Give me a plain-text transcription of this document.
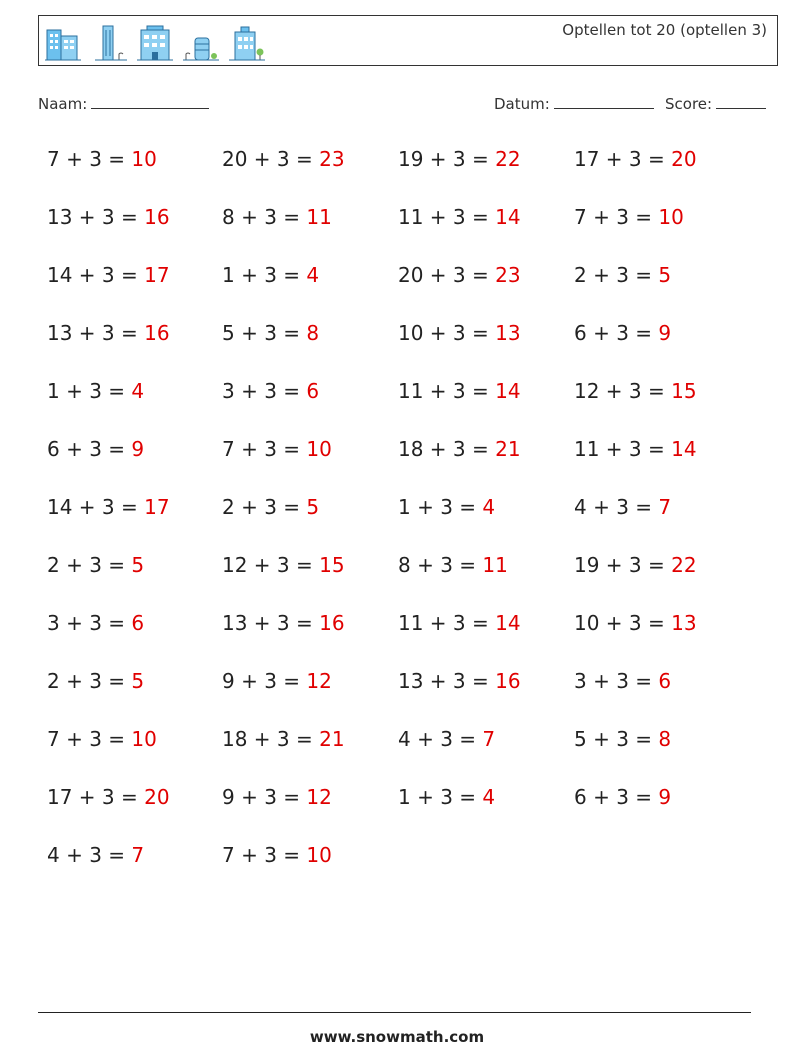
Optellen tot 20 (optellen 3)
Naam:	Datum:	Score:
7 + 3 = 10	20 + 3 = 23	19 + 3 = 22	17 + 3 = 20
13 + 3 = 16	8 + 3 = 11	11 + 3 = 14	7 + 3 = 10
14 + 3 = 17	1 + 3 = 4	20 + 3 = 23	2 + 3 = 5
13 + 3 = 16	5 + 3 = 8	10 + 3 = 13	6 + 3 = 9
1 + 3 = 4	3 + 3 = 6	11 + 3 = 14	12 + 3 = 15
6 + 3 = 9	7 + 3 = 10	18 + 3 = 21	11 + 3 = 14
14 + 3 = 17	2 + 3 = 5	1 + 3 = 4	4 + 3 = 7
2 + 3 = 5	12 + 3 = 15	8 + 3 = 11	19 + 3 = 22
3 + 3 = 6	13 + 3 = 16	11 + 3 = 14	10 + 3 = 13
2 + 3 = 5	9 + 3 = 12	13 + 3 = 16	3 + 3 = 6
7 + 3 = 10	18 + 3 = 21	4 + 3 = 7	5 + 3 = 8
17 + 3 = 20	9 + 3 = 12	1 + 3 = 4	6 + 3 = 9
4 + 3 = 7	7 + 3 = 10
www.snowmath.com
